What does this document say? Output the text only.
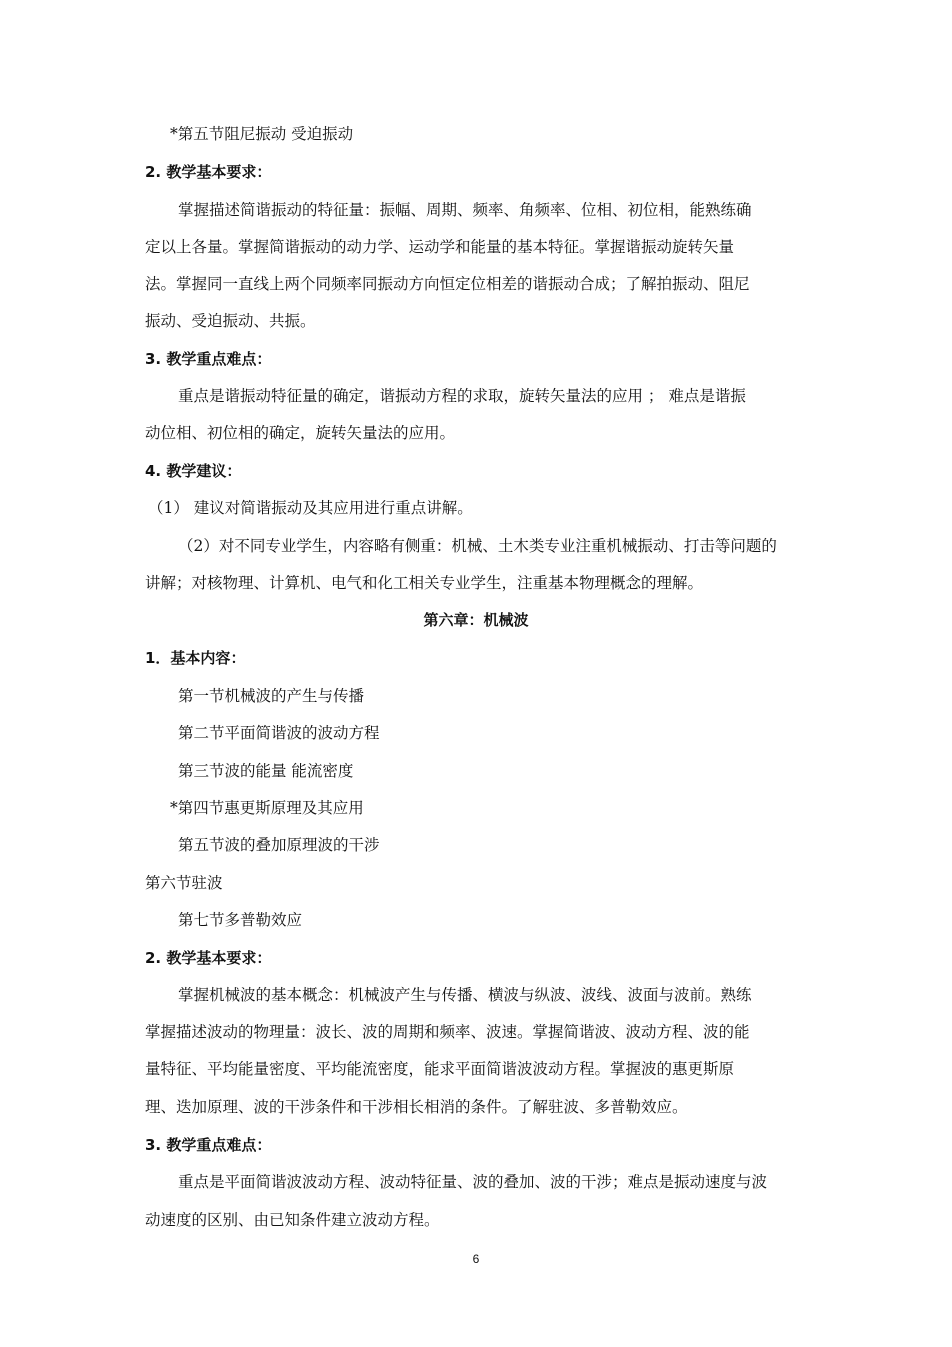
*第五节阻尼振动 受迫振动
2. 教学基本要求：
掌握描述简谐振动的特征量：振幅、周期、频率、角频率、位相、初位相，能熟练确
定以上各量。掌握简谐振动的动力学、运动学和能量的基本特征。掌握谐振动旋转矢量
法。掌握同一直线上两个同频率同振动方向恒定位相差的谐振动合成；了解拍振动、阻尼
振动、受迫振动、共振。
3. 教学重点难点：
重点是谐振动特征量的确定，谐振动方程的求取，旋转矢量法的应用 ； 难点是谐振
动位相、初位相的确定，旋转矢量法的应用。
4. 教学建议：
（1） 建议对简谐振动及其应用进行重点讲解。
（2）对不同专业学生，内容略有侧重：机械、土木类专业注重机械振动、打击等问题的
讲解；对核物理、计算机、电气和化工相关专业学生，注重基本物理概念的理解。
第六章：机械波
1．基本内容：
第一节机械波的产生与传播
第二节平面简谐波的波动方程
第三节波的能量 能流密度
*第四节惠更斯原理及其应用
第五节波的叠加原理波的干涉
第六节驻波
第七节多普勒效应
2. 教学基本要求：
掌握机械波的基本概念：机械波产生与传播、横波与纵波、波线、波面与波前。熟练
掌握描述波动的物理量：波长、波的周期和频率、波速。掌握简谐波、波动方程、波的能
量特征、平均能量密度、平均能流密度，能求平面简谐波波动方程。掌握波的惠更斯原
理、迭加原理、波的干涉条件和干涉相长相消的条件。了解驻波、多普勒效应。
3. 教学重点难点：
重点是平面简谐波波动方程、波动特征量、波的叠加、波的干涉；难点是振动速度与波
动速度的区别、由已知条件建立波动方程。
6
